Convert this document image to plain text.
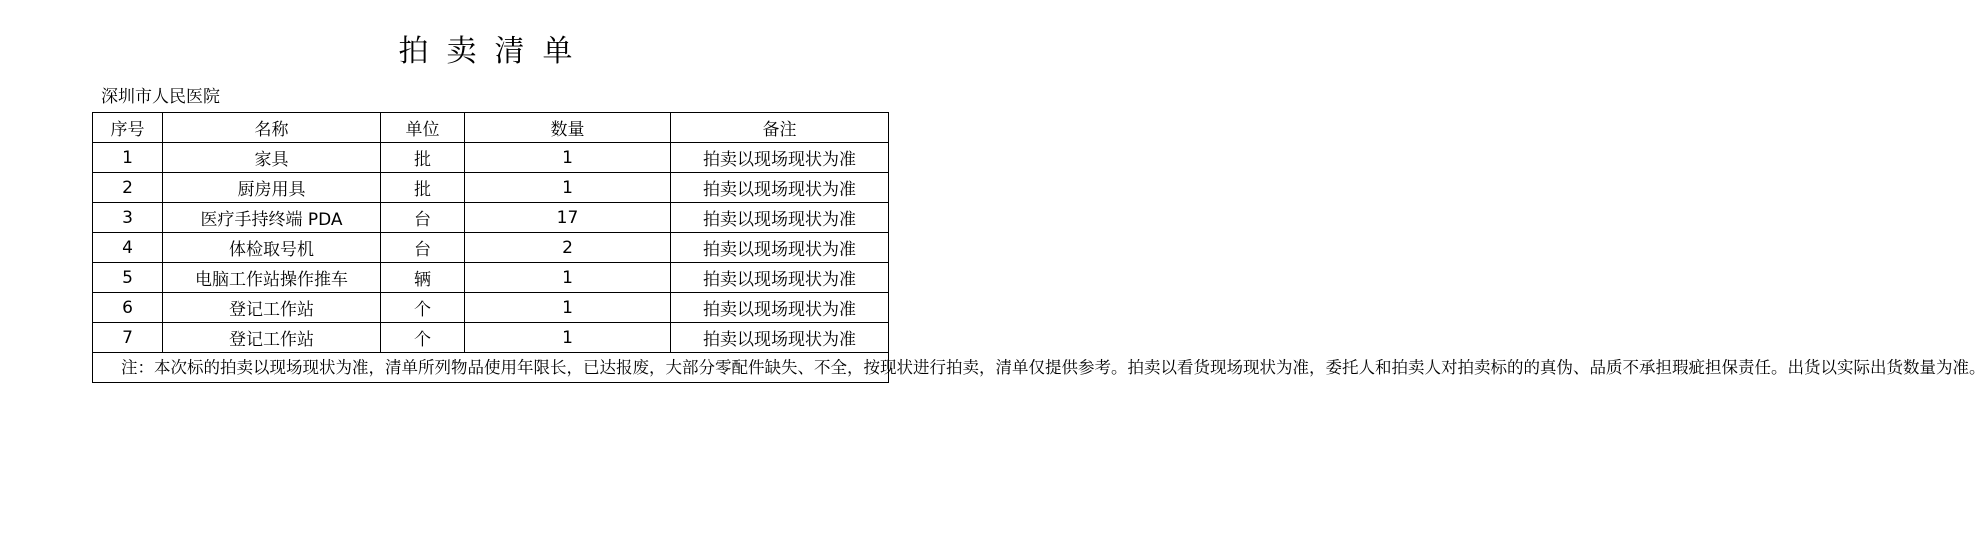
拍卖清单
深圳市人民医院
序号	名称	单位	数量	备注
1	家具	批	1	拍卖以现场现状为准
2	厨房用具	批	1	拍卖以现场现状为准
3	医疗手持终端 PDA	台	17	拍卖以现场现状为准
4	体检取号机	台	2	拍卖以现场现状为准
5	电脑工作站操作推车	辆	1	拍卖以现场现状为准
6	登记工作站	个	1	拍卖以现场现状为准
7	登记工作站	个	1	拍卖以现场现状为准

注：本次标的拍卖以现场现状为准，清单所列物品使用年限长，已达报废，大部分零配件缺失、不全，按现状进行拍卖，清单仅提供参考。拍卖以看货现场现状为准，委托人和拍卖人对拍卖标的的真伪、品质不承担瑕疵担保责任。出货以实际出货数量为准。				
